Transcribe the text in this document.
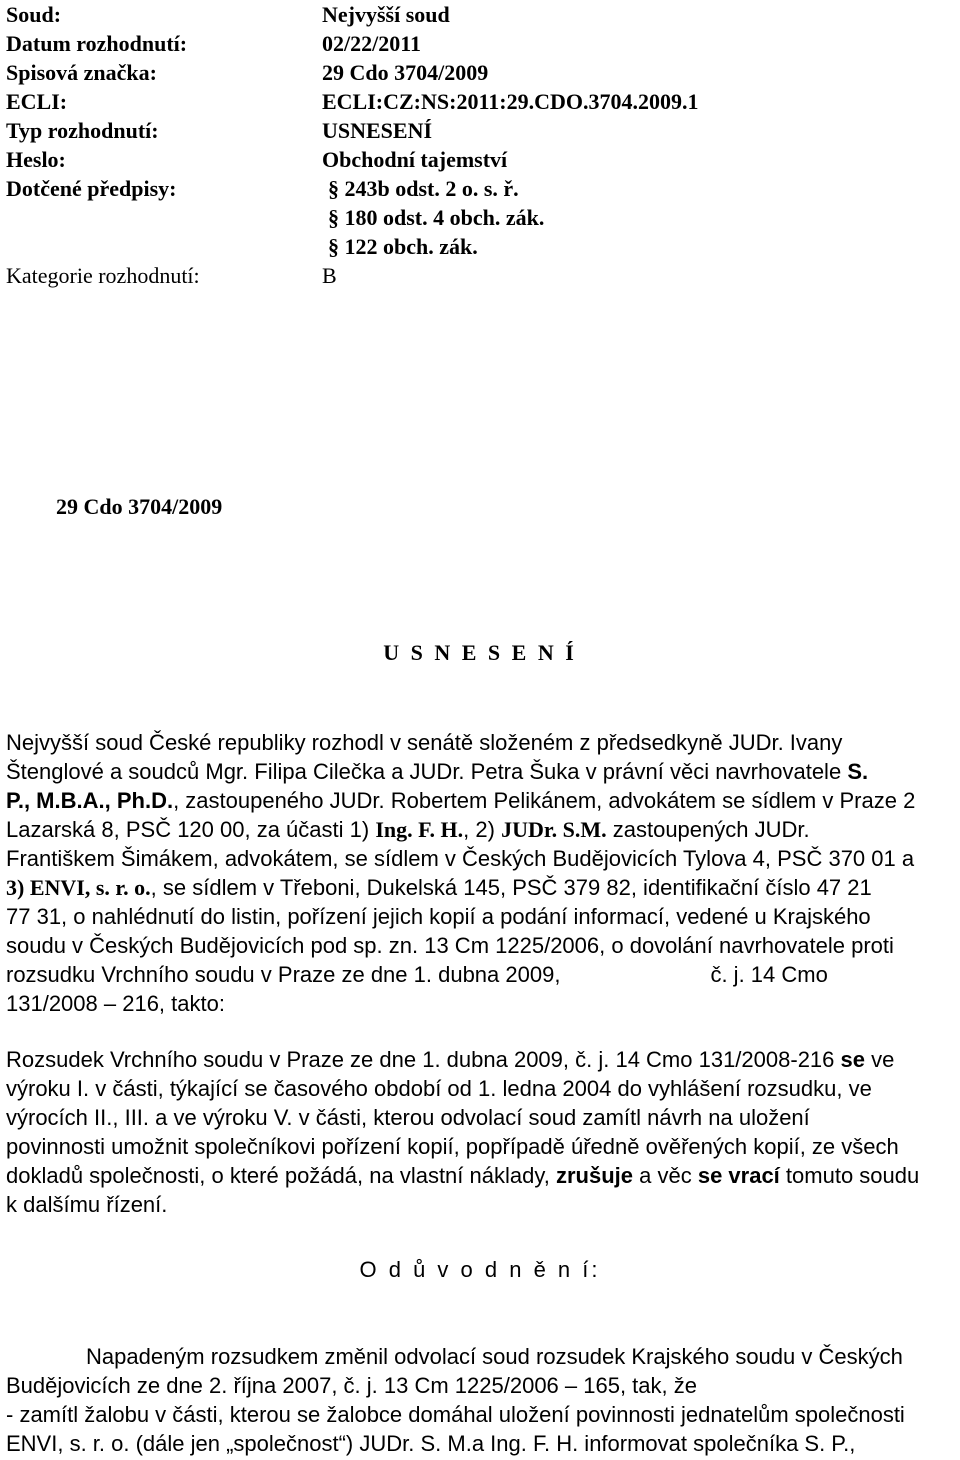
Soud:	Nejvyšší soud
Datum rozhodnutí:	02/22/2011
Spisová značka:	29 Cdo 3704/2009
ECLI:	ECLI:CZ:NS:2011:29.CDO.3704.2009.1
Typ rozhodnutí:	USNESENÍ
Heslo:	Obchodní tajemství
Dotčené předpisy:	§ 243b odst. 2 o. s. ř.
§ 180 odst. 4 obch. zák.
§ 122 obch. zák.
Kategorie rozhodnutí:	B
29 Cdo 3704/2009
U S N E S E N Í
Nejvyšší soud České republiky rozhodl v senátě složeném z předsedkyně JUDr. Ivany
Štenglové a soudců Mgr. Filipa Cilečka a JUDr. Petra Šuka v právní věci navrhovatele S.
P., M.B.A., Ph.D., zastoupeného JUDr. Robertem Pelikánem, advokátem se sídlem v Praze 2
Lazarská 8, PSČ 120 00, za účasti 1) Ing. F. H., 2) JUDr. S.M. zastoupených JUDr.
Františkem Šimákem, advokátem, se sídlem v Českých Budějovicích Tylova 4, PSČ 370 01 a
3) ENVI, s. r. o., se sídlem v Třeboni, Dukelská 145, PSČ 379 82, identifikační číslo 47 21
77 31, o nahlédnutí do listin, pořízení jejich kopií a podání informací, vedené u Krajského
soudu v Českých Budějovicích pod sp. zn. 13 Cm 1225/2006, o dovolání navrhovatele proti
rozsudku Vrchního soudu v Praze ze dne 1. dubna 2009,	č. j. 14 Cmo
131/2008 – 216, takto:
Rozsudek Vrchního soudu v Praze ze dne 1. dubna 2009, č. j. 14 Cmo 131/2008-216 se ve
výroku I. v části, týkající se časového období od 1. ledna 2004 do vyhlášení rozsudku, ve
výrocích II., III. a ve výroku V. v části, kterou odvolací soud zamítl návrh na uložení
povinnosti umožnit společníkovi pořízení kopií, popřípadě úředně ověřených kopií, ze všech
dokladů společnosti, o které požádá, na vlastní náklady, zrušuje a věc se vrací tomuto soudu
k dalšímu řízení.
O d ů v o d n ě n í:
Napadeným rozsudkem změnil odvolací soud rozsudek Krajského soudu v Českých
Budějovicích ze dne 2. října 2007, č. j. 13 Cm 1225/2006 – 165, tak, že
- zamítl žalobu v části, kterou se žalobce domáhal uložení povinnosti jednatelům společnosti
ENVI, s. r. o. (dále jen „společnost“) JUDr. S. M.a Ing. F. H. informovat společníka S. P.,
